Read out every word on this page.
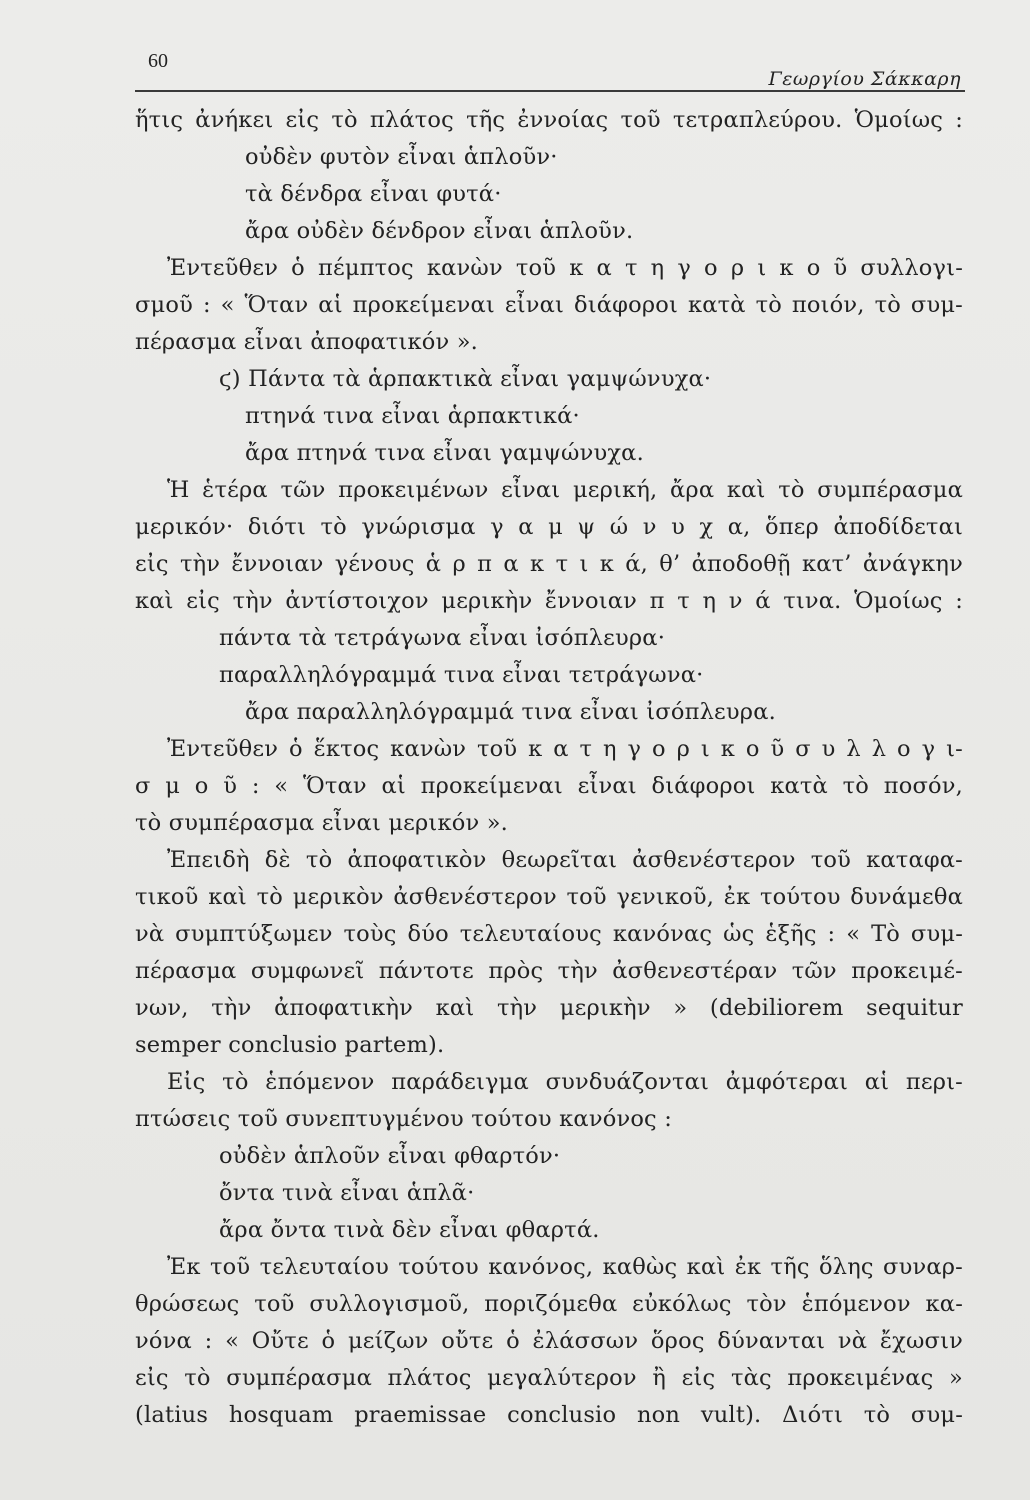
60
Γεωργίου Σάκκαρη
ἥτις ἀνήκει εἰς τὸ πλάτος τῆς ἐννοίας τοῦ τετραπλεύρου. Ὁμοίως :
οὐδὲν φυτὸν εἶναι ἁπλοῦν·
τὰ δένδρα εἶναι φυτά·
ἄρα οὐδὲν δένδρον εἶναι ἁπλοῦν.
Ἐντεῦθεν ὁ πέμπτος κανὼν τοῦ κ α τ η γ ο ρ ι κ ο ῦ συλλογι-
σμοῦ : « Ὅταν αἱ προκείμεναι εἶναι διάφοροι κατὰ τὸ ποιόν, τὸ συμ-
πέρασμα εἶναι ἀποφατικόν ».
ϛ) Πάντα τὰ ἁρπακτικὰ εἶναι γαμψώνυχα·
πτηνά τινα εἶναι ἁρπακτικά·
ἄρα πτηνά τινα εἶναι γαμψώνυχα.
Ἡ ἑτέρα τῶν προκειμένων εἶναι μερική, ἄρα καὶ τὸ συμπέρασμα
μερικόν· διότι τὸ γνώρισμα γ α μ ψ ώ ν υ χ α, ὅπερ ἀποδίδεται
εἰς τὴν ἔννοιαν γένους ἁ ρ π α κ τ ι κ ά, θ’ ἀποδοθῇ κατ’ ἀνάγκην
καὶ εἰς τὴν ἀντίστοιχον μερικὴν ἔννοιαν π τ η ν ά τινα. Ὁμοίως :
πάντα τὰ τετράγωνα εἶναι ἰσόπλευρα·
παραλληλόγραμμά τινα εἶναι τετράγωνα·
ἄρα παραλληλόγραμμά τινα εἶναι ἰσόπλευρα.
Ἐντεῦθεν ὁ ἕκτος κανὼν τοῦ κ α τ η γ ο ρ ι κ ο ῦ σ υ λ λ ο γ ι-
σ μ ο ῦ : « Ὅταν αἱ προκείμεναι εἶναι διάφοροι κατὰ τὸ ποσόν,
τὸ συμπέρασμα εἶναι μερικόν ».
Ἐπειδὴ δὲ τὸ ἀποφατικὸν θεωρεῖται ἀσθενέστερον τοῦ καταφα-
τικοῦ καὶ τὸ μερικὸν ἀσθενέστερον τοῦ γενικοῦ, ἐκ τούτου δυνάμεθα
νὰ συμπτύξωμεν τοὺς δύο τελευταίους κανόνας ὡς ἑξῆς : « Τὸ συμ-
πέρασμα συμφωνεῖ πάντοτε πρὸς τὴν ἀσθενεστέραν τῶν προκειμέ-
νων, τὴν ἀποφατικὴν καὶ τὴν μερικὴν » (debiliorem sequitur
semper conclusio partem).
Εἰς τὸ ἑπόμενον παράδειγμα συνδυάζονται ἀμφότεραι αἱ περι-
πτώσεις τοῦ συνεπτυγμένου τούτου κανόνος :
οὐδὲν ἁπλοῦν εἶναι φθαρτόν·
ὄντα τινὰ εἶναι ἁπλᾶ·
ἄρα ὄντα τινὰ δὲν εἶναι φθαρτά.
Ἐκ τοῦ τελευταίου τούτου κανόνος, καθὼς καὶ ἐκ τῆς ὅλης συναρ-
θρώσεως τοῦ συλλογισμοῦ, ποριζόμεθα εὐκόλως τὸν ἑπόμενον κα-
νόνα : « Οὔτε ὁ μείζων οὔτε ὁ ἐλάσσων ὅρος δύνανται νὰ ἔχωσιν
εἰς τὸ συμπέρασμα πλάτος μεγαλύτερον ἢ εἰς τὰς προκειμένας »
(latius hosquam praemissae conclusio non vult). Διότι τὸ συμ-
